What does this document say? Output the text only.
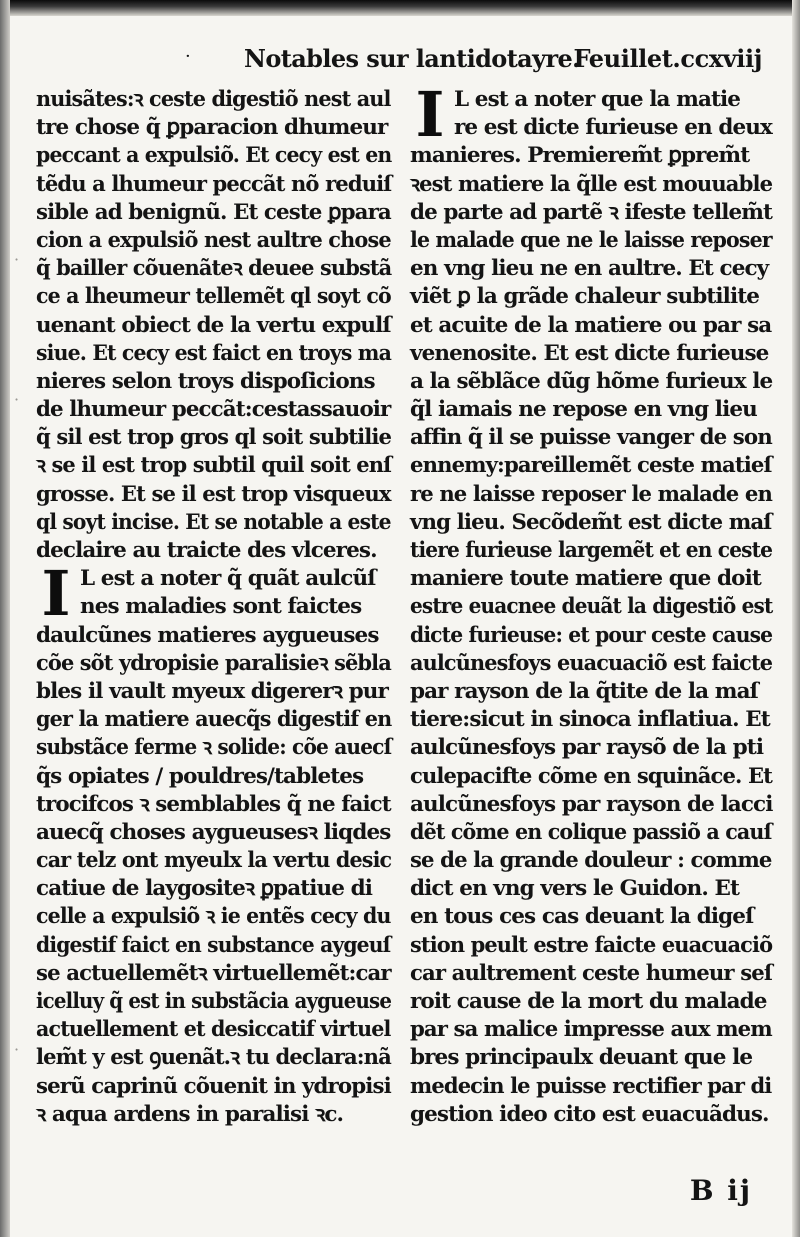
·
·
·
· Notables sur lantidotayre.
Feuillet.ccxviij
nuisãtes:ꝛ ceste digestiõ nest aul
tre chose q̃ ꝑparacion dhumeur
peccant a expulsiõ. Et cecy est en
tẽdu a lhumeur peccãt nõ reduiſ
sible ad benignũ. Et ceste ꝑpara
cion a expulsiõ nest aultre chose
q̃ bailler cõuenãteꝛ deuee substã
ce a lheumeur tellemẽt ql soyt cõ
uenant obiect de la vertu expulſ
siue. Et cecy est faict en troys ma
nieres selon troys dispoſicions
de lhumeur peccãt:cestassauoir
q̃ sil est trop gros ql soit subtilie
ꝛ se il est trop subtil quil soit enſ
grosse. Et se il est trop visqueux
ql soyt incise. Et se notable a este
declaire au traicte des vlceres.
I L est a noter q̃ quãt aulcũſ
nes maladies sont faictes
daulcũnes matieres aygueuses
cõe sõt ydropisie paralisieꝛ sẽbla
bles il vault myeux digererꝛ pur
ger la matiere auecq̃s digestif en
substãce ferme ꝛ solide: cõe auecſ
q̃s opiates / pouldres/tabletes
trocifcos ꝛ semblables q̃ ne faict
auecq̃ choses aygueusesꝛ liqdes
car telz ont myeulx la vertu desic
catiue de laygositeꝛ ꝑpatiue di
celle a expulsiõ ꝛ ie entẽs cecy du
digestif faict en substance aygeuſ
se actuellemẽtꝛ virtuellemẽt:car
icelluy q̃ est in substãcia aygueuse
actuellement et desiccatif virtuel
lem̃t y est ꝯuenãt.ꝛ tu declara:nã
serũ caprinũ cõuenit in ydropisi
ꝛ aqua ardens in paralisi ꝛc.
I L est a noter que la matie
re est dicte furieuse en deux
manieres. Premierem̃t ꝑprem̃t
ꝛest matiere la q̃lle est mouuable
de parte ad partẽ ꝛ ifeste tellem̃t
le malade que ne le laisse reposer
en vng lieu ne en aultre. Et cecy
viẽt ꝑ la grãde chaleur subtilite
et acuite de la matiere ou par sa
venenosite. Et est dicte furieuse
a la sẽblãce dũg hõme furieux le
q̃l iamais ne repose en vng lieu
affin q̃ il se puisse vanger de son
ennemy:pareillemẽt ceste matieſ
re ne laisse reposer le malade en
vng lieu. Secõdem̃t est dicte maſ
tiere furieuse largemẽt et en ceste
maniere toute matiere que doit
estre euacnee deuãt la digestiõ est
dicte furieuse: et pour ceste cause
aulcũnesfoys euacuaciõ est faicte
par rayson de la q̃tite de la maſ
tiere:sicut in sinoca inflatiua. Et
aulcũnesfoys par raysõ de la pti
culepacifte cõme en squinãce. Et
aulcũnesfoys par rayson de lacci
dẽt cõme en colique passiõ a cauſ
se de la grande douleur : comme
dict en vng vers le Guidon. Et
en tous ces cas deuant la digeſ
stion peult estre faicte euacuaciõ
car aultrement ceste humeur seſ
roit cause de la mort du malade
par sa malice impresse aux mem
bres principaulx deuant que le
medecin le puisse rectifier par di
gestion ideo cito est euacuãdus.
B ij
